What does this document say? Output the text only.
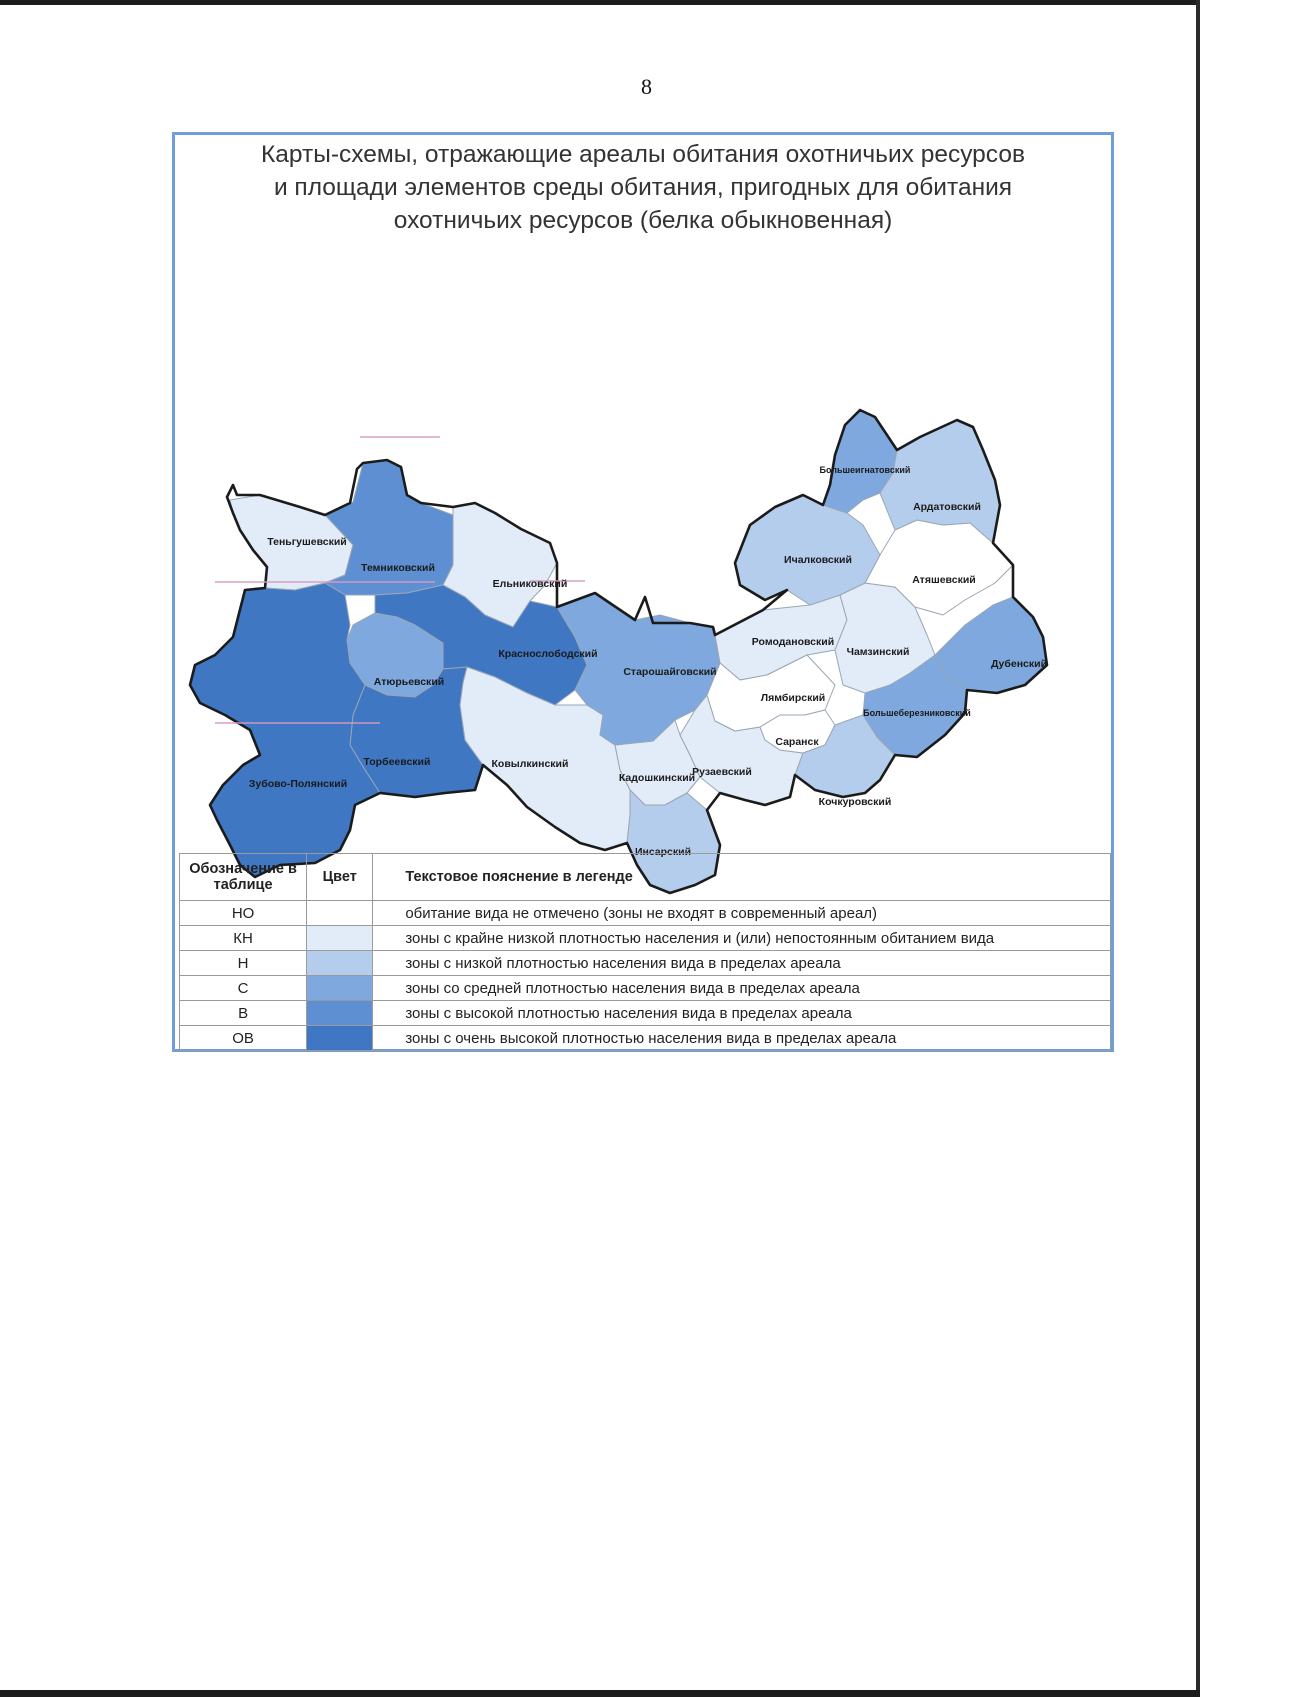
8
Карты-схемы, отражающие ареалы обитания охотничьих ресурсов
и площади элементов среды обитания, пригодных для обитания
охотничьих ресурсов (белка обыкновенная)
Теньгушевский
Темниковский
Ельниковский
Атюрьевский
Краснослободский
Торбеевский
Зубово-Полянский
Ковылкинский
Кадошкинский
Инсарский
Рузаевский
Старошайговский
Ромодановский
Лямбирский
Саранск
Кочкуровский
Большеберезниковский
Дубенский
Чамзинский
Атяшевский
Ичалковский
Большеигнатовский
Ардатовский
Обозначение в таблице	Цвет	Текстовое пояснение в легенде
НО		обитание вида не отмечено (зоны не входят в современный ареал)
КН		зоны с крайне низкой плотностью населения и (или) непостоянным обитанием вида
Н		зоны с низкой плотностью населения вида в пределах ареала
С		зоны со средней плотностью населения вида в пределах ареала
В		зоны с высокой плотностью населения вида в пределах ареала
ОВ		зоны с очень высокой плотностью населения вида в пределах ареала
